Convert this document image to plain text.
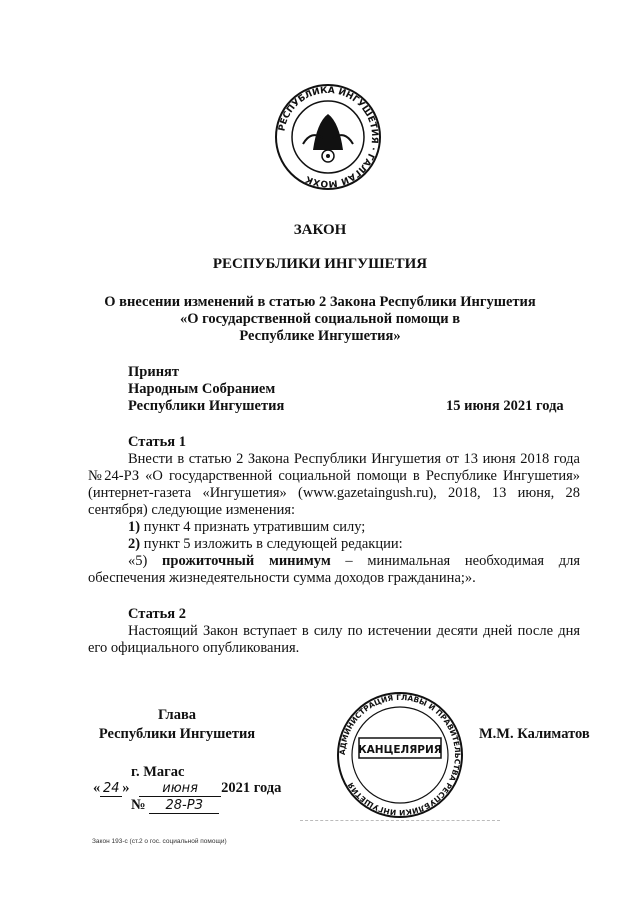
РЕСПУБЛИКА ИНГУШЕТИЯ · ГАЛГАЙ МОХК
ЗАКОН
РЕСПУБЛИКИ ИНГУШЕТИЯ
О внесении изменений в статью 2 Закона Республики Ингушетия
«О государственной социальной помощи в
Республике Ингушетия»
Принят
Народным Собранием
Республики Ингушетия	15 июня 2021 года
Статья 1

Внести в статью 2 Закона Республики Ингушетия от 13 июня 2018 года №24-РЗ «О государственной социальной помощи в Республике Ингушетия» (интернет-газета «Ингушетия» (www.gazetaingush.ru), 2018, 13 июня, 28 сентября) следующие изменения:

1) пункт 4 признать утратившим силу;

2) пункт 5 изложить в следующей редакции:

«5) прожиточный минимум – минимальная необходимая для обеспечения жизнедеятельности сумма доходов гражданина;».

Статья 2

Настоящий Закон вступает в силу по истечении десяти дней после дня его официального опубликования.

Глава
Республики Ингушетия
АДМИНИСТРАЦИЯ ГЛАВЫ И ПРАВИТЕЛЬСТВА РЕСПУБЛИКИ ИНГУШЕТИЯ
КАНЦЕЛЯРИЯ
М.М. Калиматов
г. Магас
« 24 »	июня 2021 года
№ 28-РЗ
Закон 193-с (ст.2 о гос. социальной помощи)
